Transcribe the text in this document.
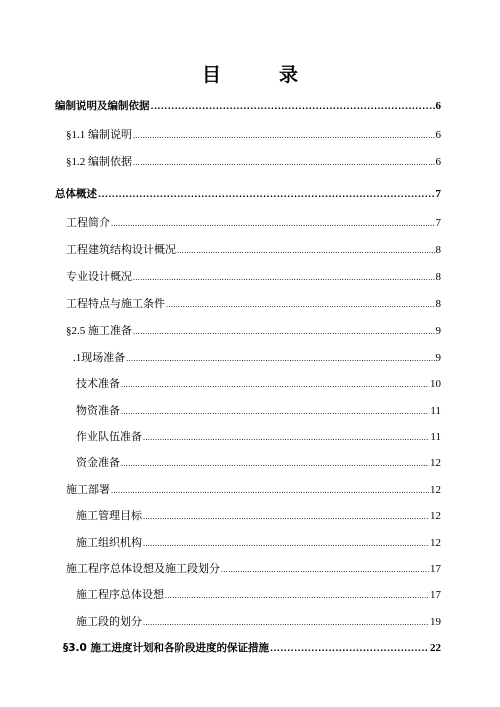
目	录
编制说明及编制依据 .....	6
§1.1 编制说明 .....	6
§1.2 编制依据 .....	6
总体概述 .....	7
工程简介 .....	7
工程建筑结构设计概况 .....	8
专业设计概况 .....	8
工程特点与施工条件 .....	8
§2.5 施工准备 .....	9
.1现场准备 .....	9
技术准备 .....	10
物资准备 .....	11
作业队伍准备 .....	11
资金准备 .....	12
施工部署 .....	12
施工管理目标 .....	12
施工组织机构 .....	12
施工程序总体设想及施工段划分 .....	17
施工程序总体设想 .....	17
施工段的划分 .....	19
§3.0 施工进度计划和各阶段进度的保证措施 .....	22
